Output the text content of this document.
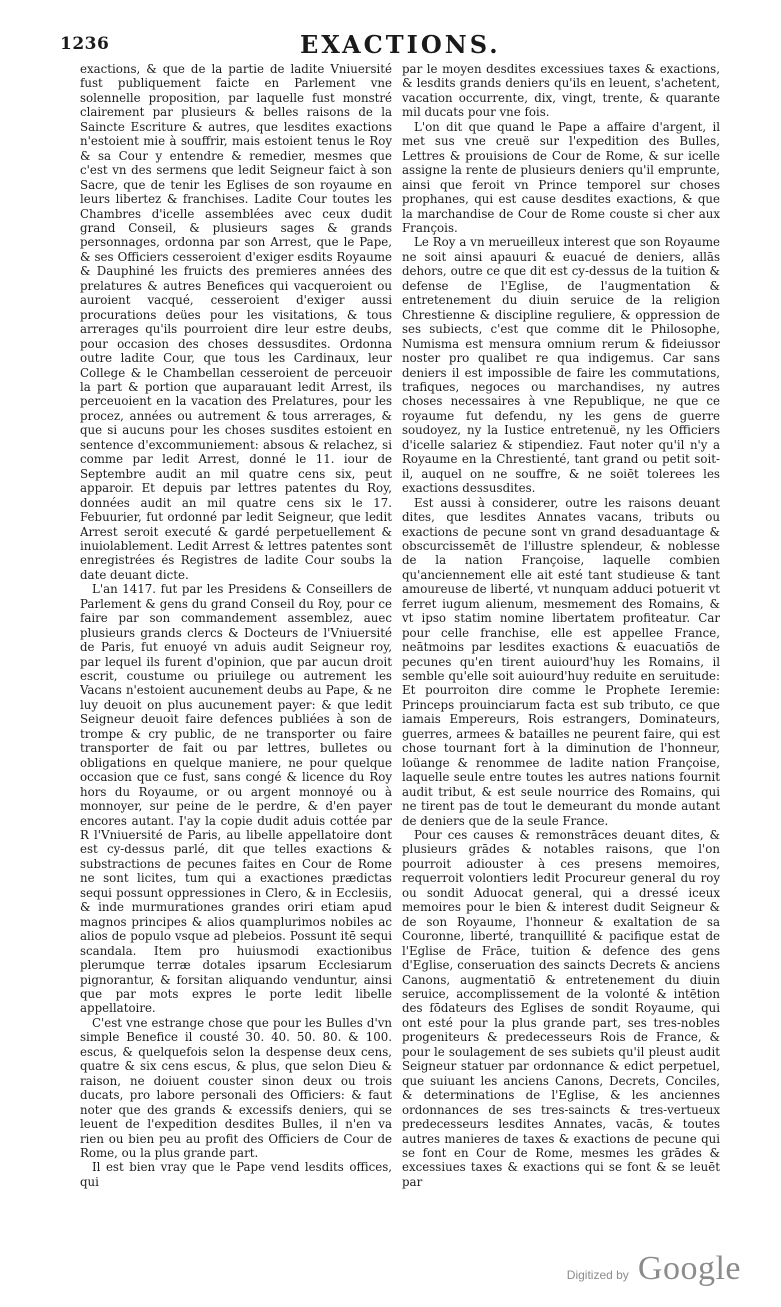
1236	EXACTIONS.

exactions, & que de la partie de ladite Vniuersité fust publiquement faicte en Parlement vne solennelle proposition, par laquelle fust monstré clairement par plusieurs & belles raisons de la Saincte Escriture & autres, que lesdites exactions n'estoient mie à souffrir, mais estoient tenus le Roy & sa Cour y entendre & remedier, mesmes que c'est vn des sermens que ledit Seigneur faict à son Sacre, que de tenir les Eglises de son royaume en leurs libertez & franchises. Ladite Cour toutes les Chambres d'icelle assemblées avec ceux dudit grand Conseil, & plusieurs sages & grands personnages, ordonna par son Arrest, que le Pape, & ses Officiers cesseroient d'exiger esdits Royaume & Dauphiné les fruicts des premieres années des prelatures & autres Benefices qui vacqueroient ou auroient vacqué, cesseroient d'exiger aussi procurations deües pour les visitations, & tous arrerages qu'ils pourroient dire leur estre deubs, pour occasion des choses dessusdites. Ordonna outre ladite Cour, que tous les Cardinaux, leur College & le Chambellan cesseroient de perceuoir la part & portion que auparauant ledit Arrest, ils perceuoient en la vacation des Prelatures, pour les procez, années ou autrement & tous arrerages, & que si aucuns pour les choses susdites estoient en sentence d'excommuniement: absous & relachez, si comme par ledit Arrest, donné le 11. iour de Septembre audit an mil quatre cens six, peut apparoir. Et depuis par lettres patentes du Roy, données audit an mil quatre cens six le 17. Febuurier, fut ordonné par ledit Seigneur, que ledit Arrest seroit executé & gardé perpetuellement & inuiolablement. Ledit Arrest & lettres patentes sont enregistrées és Registres de ladite Cour soubs la date deuant dicte.

L'an 1417. fut par les Presidens & Conseillers de Parlement & gens du grand Conseil du Roy, pour ce faire par son commandement assemblez, auec plusieurs grands clercs & Docteurs de l'Vniuersité de Paris, fut enuoyé vn aduis audit Seigneur roy, par lequel ils furent d'opinion, que par aucun droit escrit, coustume ou priuilege ou autrement les Vacans n'estoient aucunement deubs au Pape, & ne luy deuoit on plus aucunement payer: & que ledit Seigneur deuoit faire defences publiées à son de trompe & cry public, de ne transporter ou faire transporter de fait ou par lettres, bulletes ou obligations en quelque maniere, ne pour quelque occasion que ce fust, sans congé & licence du Roy hors du Royaume, or ou argent monnoyé ou à monnoyer, sur peine de le perdre, & d'en payer encores autant. I'ay la copie dudit aduis cottée par R l'Vniuersité de Paris, au libelle appellatoire dont est cy-dessus parlé, dit que telles exactions & substractions de pecunes faites en Cour de Rome ne sont licites, tum qui a exactiones prædictas sequi possunt oppressiones in Clero, & in Ecclesiis, & inde murmurationes grandes oriri etiam apud magnos principes & alios quamplurimos nobiles ac alios de populo vsque ad plebeios. Possunt itē sequi scandala. Item pro huiusmodi exactionibus plerumque terræ dotales ipsarum Ecclesiarum pignorantur, & forsitan aliquando venduntur, ainsi que par mots expres le porte ledit libelle appellatoire.

C'est vne estrange chose que pour les Bulles d'vn simple Benefice il cousté 30. 40. 50. 80. & 100. escus, & quelquefois selon la despense deux cens, quatre & six cens escus, & plus, que selon Dieu & raison, ne doiuent couster sinon deux ou trois ducats, pro labore personali des Officiers: & faut noter que des grands & excessifs deniers, qui se leuent de l'expedition desdites Bulles, il n'en va rien ou bien peu au profit des Officiers de Cour de Rome, ou la plus grande part.

Il est bien vray que le Pape vend lesdits offices, qui

par le moyen desdites excessiues taxes & exactions, & lesdits grands deniers qu'ils en leuent, s'achetent, vacation occurrente, dix, vingt, trente, & quarante mil ducats pour vne fois.

L'on dit que quand le Pape a affaire d'argent, il met sus vne creuë sur l'expedition des Bulles, Lettres & prouisions de Cour de Rome, & sur icelle assigne la rente de plusieurs deniers qu'il emprunte, ainsi que feroit vn Prince temporel sur choses prophanes, qui est cause desdites exactions, & que la marchandise de Cour de Rome couste si cher aux François.

Le Roy a vn merueilleux interest que son Royaume ne soit ainsi apauuri & euacué de deniers, allās dehors, outre ce que dit est cy-dessus de la tuition & defense de l'Eglise, de l'augmentation & entretenement du diuin seruice de la religion Chrestienne & discipline reguliere, & oppression de ses subiects, c'est que comme dit le Philosophe, Numisma est mensura omnium rerum & fideiussor noster pro qualibet re qua indigemus. Car sans deniers il est impossible de faire les commutations, trafiques, negoces ou marchandises, ny autres choses necessaires à vne Republique, ne que ce royaume fut defendu, ny les gens de guerre soudoyez, ny la Iustice entretenuë, ny les Officiers d'icelle salariez & stipendiez. Faut noter qu'il n'y a Royaume en la Chrestienté, tant grand ou petit soit-il, auquel on ne souffre, & ne soiēt tolerees les exactions dessusdites.

Est aussi à considerer, outre les raisons deuant dites, que lesdites Annates vacans, tributs ou exactions de pecune sont vn grand desaduantage & obscurcissemēt de l'illustre splendeur, & noblesse de la nation Françoise, laquelle combien qu'anciennement elle ait esté tant studieuse & tant amoureuse de liberté, vt nunquam adduci potuerit vt ferret iugum alienum, mesmement des Romains, & vt ipso statim nomine libertatem profiteatur. Car pour celle franchise, elle est appellee France, neātmoins par lesdites exactions & euacuatiōs de pecunes qu'en tirent auiourd'huy les Romains, il semble qu'elle soit auiourd'huy reduite en seruitude: Et pourroiton dire comme le Prophete Ieremie: Princeps prouinciarum facta est sub tributo, ce que iamais Empereurs, Rois estrangers, Dominateurs, guerres, armees & batailles ne peurent faire, qui est chose tournant fort à la diminution de l'honneur, loüange & renommee de ladite nation Françoise, laquelle seule entre toutes les autres nations fournit audit tribut, & est seule nourrice des Romains, qui ne tirent pas de tout le demeurant du monde autant de deniers que de la seule France.

Pour ces causes & remonstrāces deuant dites, & plusieurs grādes & notables raisons, que l'on pourroit adiouster à ces presens memoires, requerroit volontiers ledit Procureur general du roy ou sondit Aduocat general, qui a dressé iceux memoires pour le bien & interest dudit Seigneur & de son Royaume, l'honneur & exaltation de sa Couronne, liberté, tranquillité & pacifique estat de l'Eglise de Frāce, tuition & defence des gens d'Eglise, conseruation des saincts Decrets & anciens Canons, augmentatiō & entretenement du diuin seruice, accomplissement de la volonté & intētion des fōdateurs des Eglises de sondit Royaume, qui ont esté pour la plus grande part, ses tres-nobles progeniteurs & predecesseurs Rois de France, & pour le soulagement de ses subiets qu'il pleust audit Seigneur statuer par ordonnance & edict perpetuel, que suiuant les anciens Canons, Decrets, Conciles, & determinations de l'Eglise, & les anciennes ordonnances de ses tres-saincts & tres-vertueux predecesseurs lesdites Annates, vacās, & toutes autres manieres de taxes & exactions de pecune qui se font en Cour de Rome, mesmes les grādes & excessiues taxes & exactions qui se font & se leuēt par

Digitized by Google
